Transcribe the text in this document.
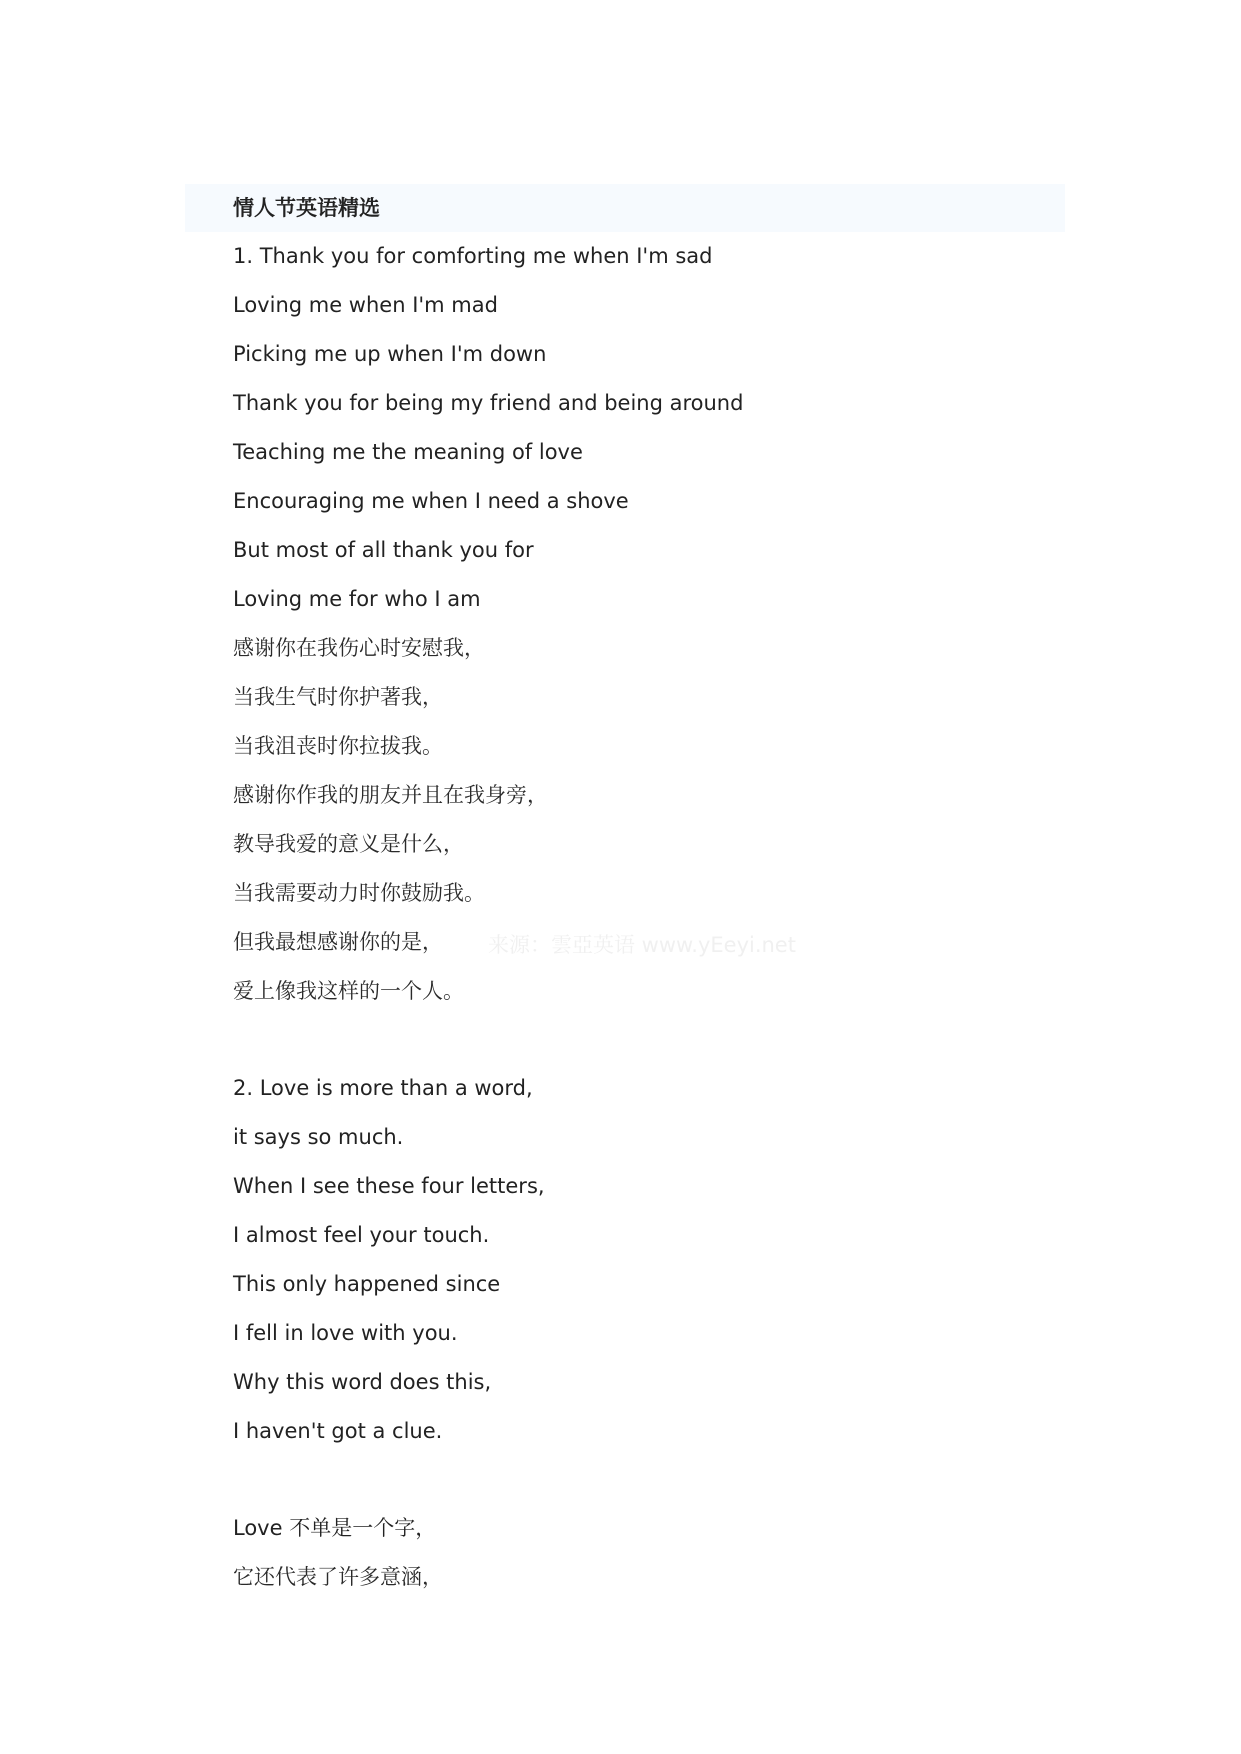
情人节英语精选
1. Thank you for comforting me when I'm sad
Loving me when I'm mad
Picking me up when I'm down
Thank you for being my friend and being around
Teaching me the meaning of love
Encouraging me when I need a shove
But most of all thank you for
Loving me for who I am
感谢你在我伤心时安慰我，
当我生气时你护著我，
当我沮丧时你拉拔我。
感谢你作我的朋友并且在我身旁，
教导我爱的意义是什么，
当我需要动力时你鼓励我。
但我最想感谢你的是，
爱上像我这样的一个人。
2. Love is more than a word,
it says so much.
When I see these four letters,
I almost feel your touch.
This only happened since
I fell in love with you.
Why this word does this,
I haven't got a clue.
Love 不单是一个字，
它还代表了许多意涵，
来源：雲亞英语 www.yEeyi.net
